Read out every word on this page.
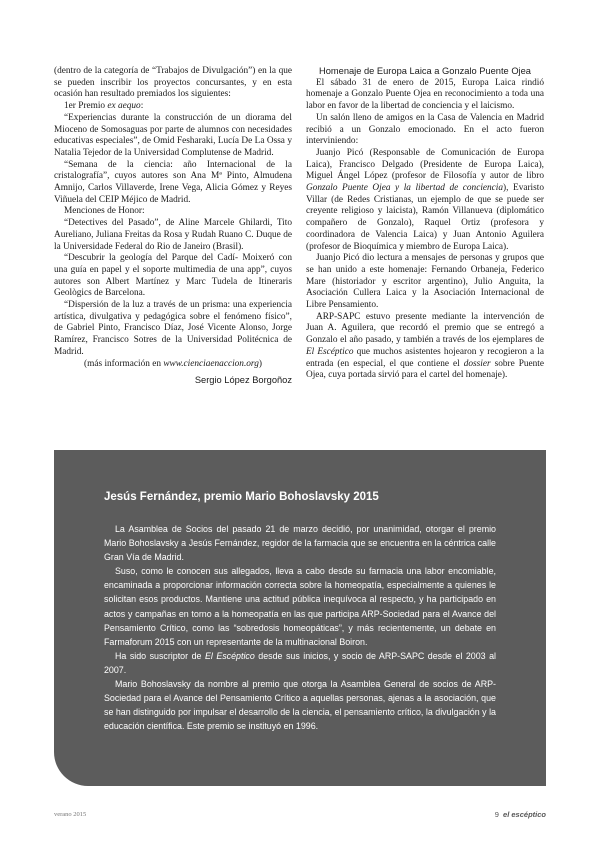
(dentro de la categoría de “Trabajos de Divulgación”) en la que se pueden inscribir los proyectos concursantes, y en esta ocasión han resultado premiados los siguientes:

1er Premio ex aequo:

“Experiencias durante la construcción de un diorama del Mioceno de Somosaguas por parte de alumnos con necesidades educativas especiales”, de Omid Fesharaki, Lucía De La Ossa y Natalia Tejedor de la Universidad Complutense de Madrid.

“Semana de la ciencia: año Internacional de la cristalografía”, cuyos autores son Ana Mª Pinto, Almudena Amnijo, Carlos Villaverde, Irene Vega, Alicia Gómez y Reyes Viñuela del CEIP Méjico de Madrid.

Menciones de Honor:

“Detectives del Pasado”, de Aline Marcele Ghilardi, Tito Aureliano, Juliana Freitas da Rosa y Rudah Ruano C. Duque de la Universidade Federal do Rio de Janeiro (Brasil).

“Descubrir la geología del Parque del Cadí- Moixeró con una guía en papel y el soporte multimedia de una app”, cuyos autores son Albert Martínez y Marc Tudela de Itineraris Geològics de Barcelona.

“Dispersión de la luz a través de un prisma: una experiencia artística, divulgativa y pedagógica sobre el fenómeno físico”, de Gabriel Pinto, Francisco Díaz, José Vicente Alonso, Jorge Ramírez, Francisco Sotres de la Universidad Politécnica de Madrid.

(más información en www.cienciaenaccion.org)

Sergio López Borgoñoz

Homenaje de Europa Laica a Gonzalo Puente Ojea

El sábado 31 de enero de 2015, Europa Laica rindió homenaje a Gonzalo Puente Ojea en reconocimiento a toda una labor en favor de la libertad de conciencia y el laicismo.

Un salón lleno de amigos en la Casa de Valencia en Madrid recibió a un Gonzalo emocionado. En el acto fueron interviniendo:

Juanjo Picó (Responsable de Comunicación de Europa Laica), Francisco Delgado (Presidente de Europa Laica), Miguel Ángel López (profesor de Filosofía y autor de libro Gonzalo Puente Ojea y la libertad de conciencia), Evaristo Villar (de Redes Cristianas, un ejemplo de que se puede ser creyente religioso y laicista), Ramón Villanueva (diplomático compañero de Gonzalo), Raquel Ortiz (profesora y coordinadora de Valencia Laica) y Juan Antonio Aguilera (profesor de Bioquímica y miembro de Europa Laica).

Juanjo Picó dio lectura a mensajes de personas y grupos que se han unido a este homenaje: Fernando Orbaneja, Federico Mare (historiador y escritor argentino), Julio Anguita, la Asociación Cullera Laica y la Asociación Internacional de Libre Pensamiento.

ARP-SAPC estuvo presente mediante la intervención de Juan A. Aguilera, que recordó el premio que se entregó a Gonzalo el año pasado, y también a través de los ejemplares de El Escéptico que muchos asistentes hojearon y recogieron a la entrada (en especial, el que contiene el dossier sobre Puente Ojea, cuya portada sirvió para el cartel del homenaje).

Jesús Fernández, premio Mario Bohoslavsky 2015

La Asamblea de Socios del pasado 21 de marzo decidió, por unanimidad, otorgar el premio Mario Bohoslavsky a Jesús Fernández, regidor de la farmacia que se encuentra en la céntrica calle Gran Vía de Madrid.

Suso, como le conocen sus allegados, lleva a cabo desde su farmacia una labor encomiable, encaminada a proporcionar información correcta sobre la homeopatía, especialmente a quienes le solicitan esos productos. Mantiene una actitud pública inequívoca al respecto, y ha participado en actos y campañas en torno a la homeopatía en las que participa ARP-Sociedad para el Avance del Pensamiento Crítico, como las “sobredosis homeopáticas”, y más recientemente, un debate en Farmaforum 2015 con un representante de la multinacional Boiron.

Ha sido suscriptor de El Escéptico desde sus inicios, y socio de ARP-SAPC desde el 2003 al 2007.

Mario Bohoslavsky da nombre al premio que otorga la Asamblea General de socios de ARP-Sociedad para el Avance del Pensamiento Crítico a aquellas personas, ajenas a la asociación, que se han distinguido por impulsar el desarrollo de la ciencia, el pensamiento crítico, la divulgación y la educación científica. Este premio se instituyó en 1996.

verano 2015	9 el escéptico
